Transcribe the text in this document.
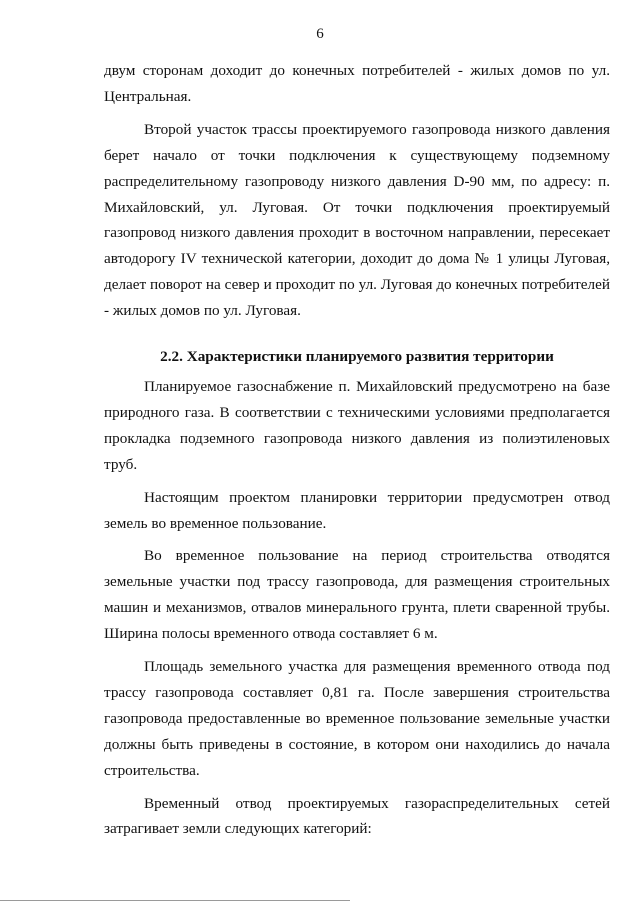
6

двум сторонам доходит до конечных потребителей - жилых домов по ул. Центральная.

Второй участок трассы проектируемого газопровода низкого давления берет начало от точки подключения к существующему подземному распределительному газопроводу низкого давления D-90 мм, по адресу: п. Михайловский, ул. Луговая. От точки подключения проектируемый газопровод низкого давления проходит в восточном направлении, пересекает автодорогу IV технической категории, доходит до дома № 1 улицы Луговая, делает поворот на север и проходит по ул. Луговая до конечных потребителей - жилых домов по ул. Луговая.

2.2. Характеристики планируемого развития территории

Планируемое газоснабжение п. Михайловский предусмотрено на базе природного газа. В соответствии с техническими условиями предполагается прокладка подземного газопровода низкого давления из полиэтиленовых труб.

Настоящим проектом планировки территории предусмотрен отвод земель во временное пользование.

Во временное пользование на период строительства отводятся земельные участки под трассу газопровода, для размещения строительных машин и механизмов, отвалов минерального грунта, плети сваренной трубы. Ширина полосы временного отвода составляет 6 м.

Площадь земельного участка для размещения временного отвода под трассу газопровода составляет 0,81 га. После завершения строительства газопровода предоставленные во временное пользование земельные участки должны быть приведены в состояние, в котором они находились до начала строительства.

Временный отвод проектируемых газораспределительных сетей затрагивает земли следующих категорий:
